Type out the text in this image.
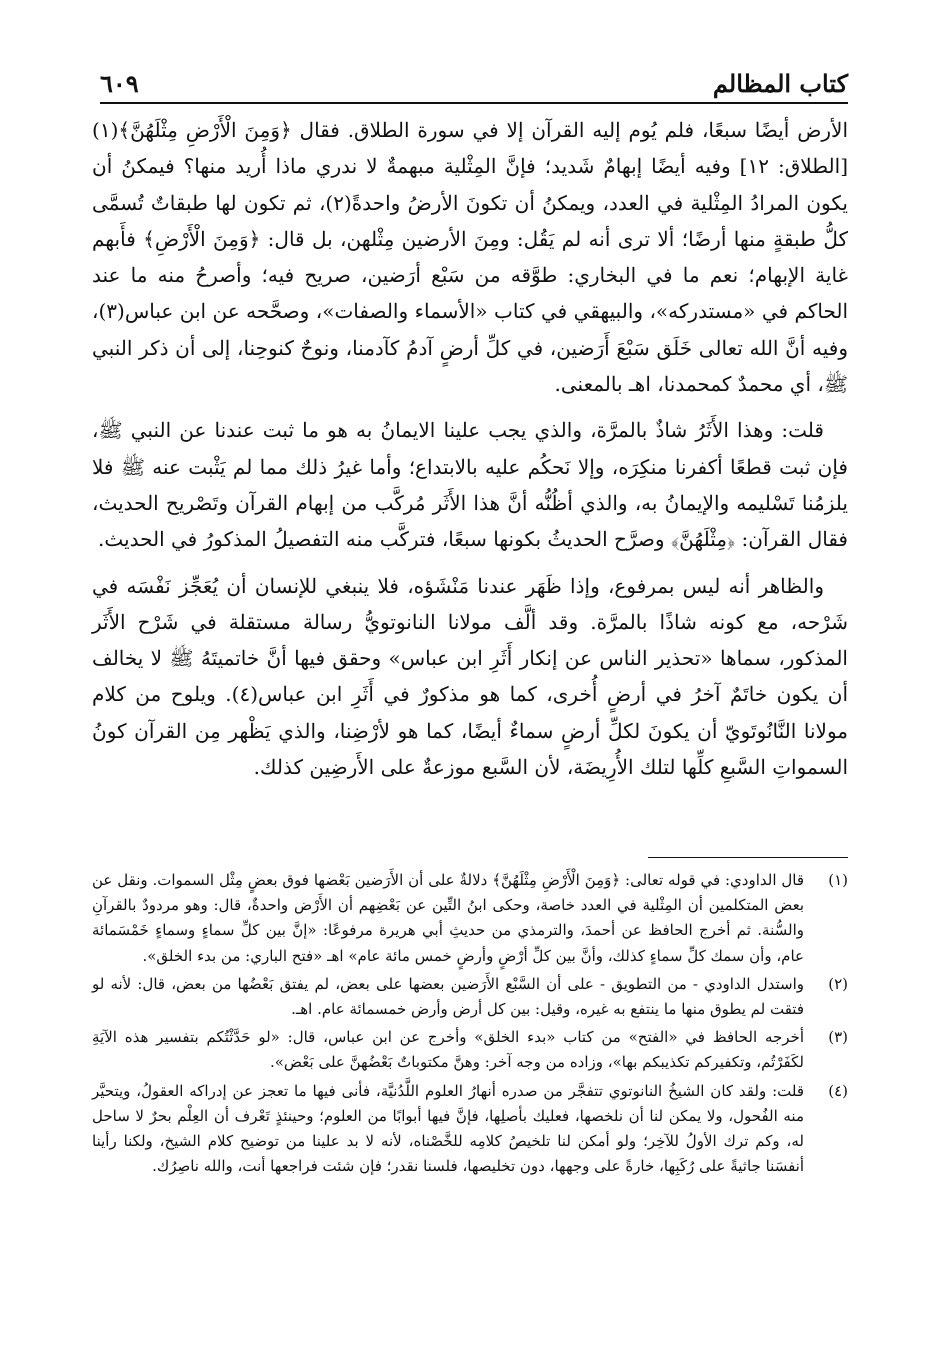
٦٠٩	كتاب المظالم

الأرض أيضًا سبعًا، فلم يُوم إليه القرآن إلا في سورة الطلاق. فقال ﴿وَمِنَ الْأَرْضِ مِثْلَهُنَّ﴾(١) [الطلاق: ١٢] وفيه أيضًا إبهامٌ شَديد؛ فإنَّ المِثْلية مبهمةٌ لا ندري ماذا أُريد منها؟ فيمكنُ أن يكون المرادُ المِثْلية في العدد، ويمكنُ أن تكونَ الأرضُ واحدةً(٢)، ثم تكون لها طبقاتٌ تُسمَّى كلُّ طبقةٍ منها أرضًا؛ ألا ترى أنه لم يَقُل: ومِنَ الأرضين مِثْلهن، بل قال: ﴿وَمِنَ الْأَرْضِ﴾ فأَبهم غاية الإبهام؛ نعم ما في البخاري: طوَّقه من سَبْع أرَضين، صريح فيه؛ وأصرحُ منه ما عند الحاكم في «مستدركه»، والبيهقي في كتاب «الأسماء والصفات»، وصحَّحه عن ابن عباس(٣)، وفيه أنَّ الله تعالى خَلَق سَبْعَ أَرَضين، في كلِّ أرضٍ آدمُ كآدمنا، ونوحٌ كنوحِنا، إلى أن ذكر النبي ﷺ، أي محمدٌ كمحمدنا، اهـ بالمعنى.

قلت: وهذا الأَثَرُ شاذٌ بالمرَّة، والذي يجب علينا الايمانُ به هو ما ثبت عندنا عن النبي ﷺ، فإن ثبت قطعًا أكفرنا منكِرَه، وإلا نَحكُم عليه بالابتداع؛ وأما غيرُ ذلك مما لم يَثْبت عنه ﷺ فلا يلزمُنا تَسْليمه والإيمانُ به، والذي أظُنُّه أنَّ هذا الأَثَر مُركَّب من إبهام القرآن وتَصْريح الحديث، فقال القرآن: ﴿مِثْلَهُنَّ﴾ وصرَّح الحديثُ بكونها سبعًا، فتركَّب منه التفصيلُ المذكورُ في الحديث.

والظاهر أنه ليس بمرفوع، وإذا ظَهَر عندنا مَنْشَؤه، فلا ينبغي للإنسان أن يُعَجِّز نَفْسَه في شَرْحه، مع كونه شاذًا بالمرَّة. وقد ألَّف مولانا النانوتويُّ رسالة مستقلة في شَرْح الأَثَر المذكور، سماها «تحذير الناس عن إنكار أَثَرِ ابن عباس» وحقق فيها أنَّ خاتميتَهُ ﷺ لا يخالف أن يكون خاتَمٌ آخرُ في أرضٍ أُخرى، كما هو مذكورٌ في أَثَرِ ابن عباس(٤). ويلوح من كلام مولانا النَّانُوتَويّ أن يكونَ لكلِّ أرضٍ سماءٌ أيضًا، كما هو لأرْضِنا، والذي يَظْهر مِن القرآن كونُ السمواتِ السَّبعِ كلِّها لتلك الأُرِيضَة، لأن السَّبع موزعةٌ على الأَرضِين كذلك.

(١)
قال الداودي: في قوله تعالى: ﴿وَمِنَ الْأَرْضِ مِثْلَهُنَّ﴾ دلالةٌ على أن الأَرَضين بَعْضها فوق بعضٍ مِثْل السموات. ونقل عن بعض المتكلمين أن المِثْلية في العدد خاصة، وحكى ابنُ التِّين عن بَعْضِهم أن الأَرْض واحدةٌ، قال: وهو مردودٌ بالقرآنِ والسُّنة. ثم أخرج الحافظ عن أحمدَ، والترمذي من حديثِ أبي هريرة مرفوعًا: «إنَّ بين كلِّ سماءٍ وسماءٍ خَمْسَمائة عام، وأن سمك كلِّ سماءٍ كذلك، وأنَّ بين كلِّ أرْضٍ وأرضٍ خمس مائة عام» اهـ «فتح الباري: من بدء الخلق».
(٢)
واستدل الداودي - من التطويق - على أن السَّبْع الأَرَضين بعضها على بعض، لم يفتق بَعْضُها من بعض، قال: لأنه لو فتقت لم يطوق منها ما ينتفع به غيره، وقيل: بين كل أرض وأرض خمسمائة عام. اهـ.
(٣)
أخرجه الحافظ في «الفتح» من كتاب «بدء الخلق» وأخرج عن ابن عباس، قال: «لو حَدَّثْتُكم بتفسير هذه الآيَةِ لكَفَرْتُم، وتكفيركم تكذيبكم بها»، وزاده من وجه آخر: وهنَّ مكتوباتٌ بَعْضُهنَّ على بَعْض».
(٤)
قلت: ولقد كان الشيخُ النانوتوي تتفجَّر من صدره أنهارُ العلوم اللَّدُنيَّة، فأنى فيها ما تعجز عن إدراكه العقولُ، ويتحيَّر منه الفُحول، ولا يمكن لنا أن نلخصها، فعليك بأصلِها، فإنَّ فيها أبوابًا من العلوم؛ وحينئذٍ تَعْرف أن العِلْم بحرٌ لا ساحل له، وكم ترك الأولُ للآخِر؛ ولو أمكن لنا تلخيصُ كلامِه للخَّصْناه، لأنه لا بد علينا من توضيح كلام الشيخ، ولكنا رأينا أنفسَنا جاثيةً على رُكَبِها، خارةً على وجهها، دون تخليصها، فلسنا نقدر؛ فإن شئت فراجعها أنت، والله ناصِرُك.
